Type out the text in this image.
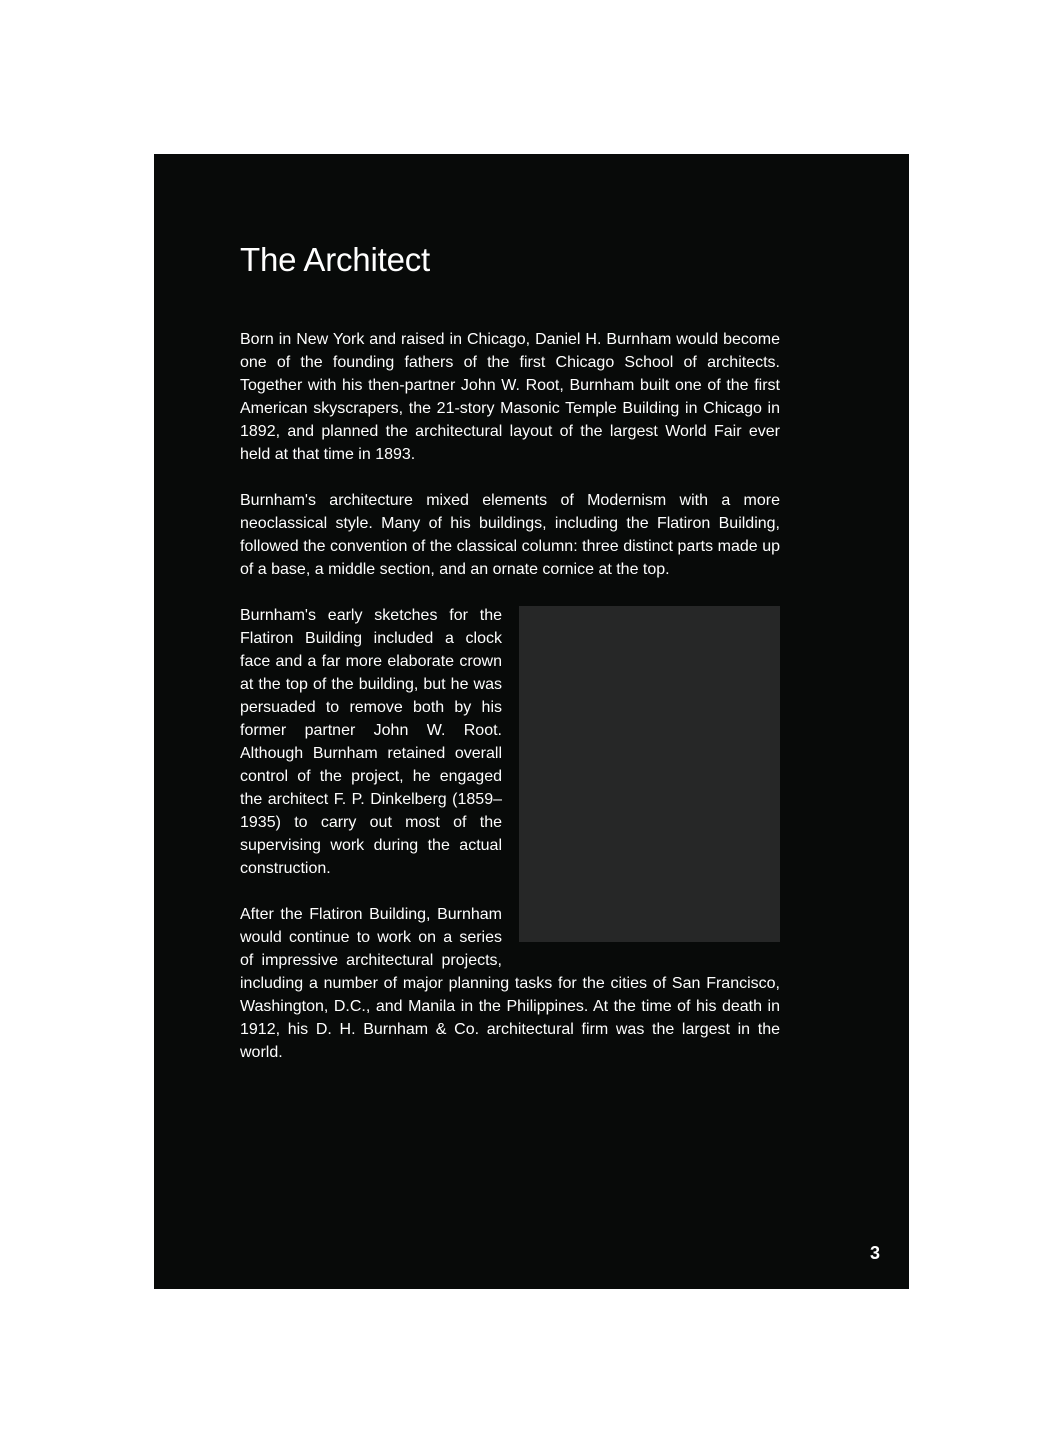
The Architect

Born in New York and raised in Chicago, Daniel H. Burnham would become one of the founding fathers of the first Chicago School of architects. Together with his then-partner John W. Root, Burnham built one of the first American skyscrapers, the 21-story Masonic Temple Building in Chicago in 1892, and planned the architectural layout of the largest World Fair ever held at that time in 1893.

Burnham's architecture mixed elements of Modernism with a more neoclassical style. Many of his buildings, including the Flatiron Building, followed the convention of the classical column: three distinct parts made up of a base, a middle section, and an ornate cornice at the top.

Burnham's early sketches for the Flatiron Building included a clock face and a far more elaborate crown at the top of the building, but he was persuaded to remove both by his former partner John W. Root. Although Burnham retained overall control of the project, he engaged the architect F. P. Dinkelberg (1859–1935) to carry out most of the supervising work during the actual construction.

After the Flatiron Building, Burnham would continue to work on a series of impressive architectural projects, including a number of major planning tasks for the cities of San Francisco, Washington, D.C., and Manila in the Philippines. At the time of his death in 1912, his D. H. Burnham & Co. architectural firm was the largest in the world.

3
